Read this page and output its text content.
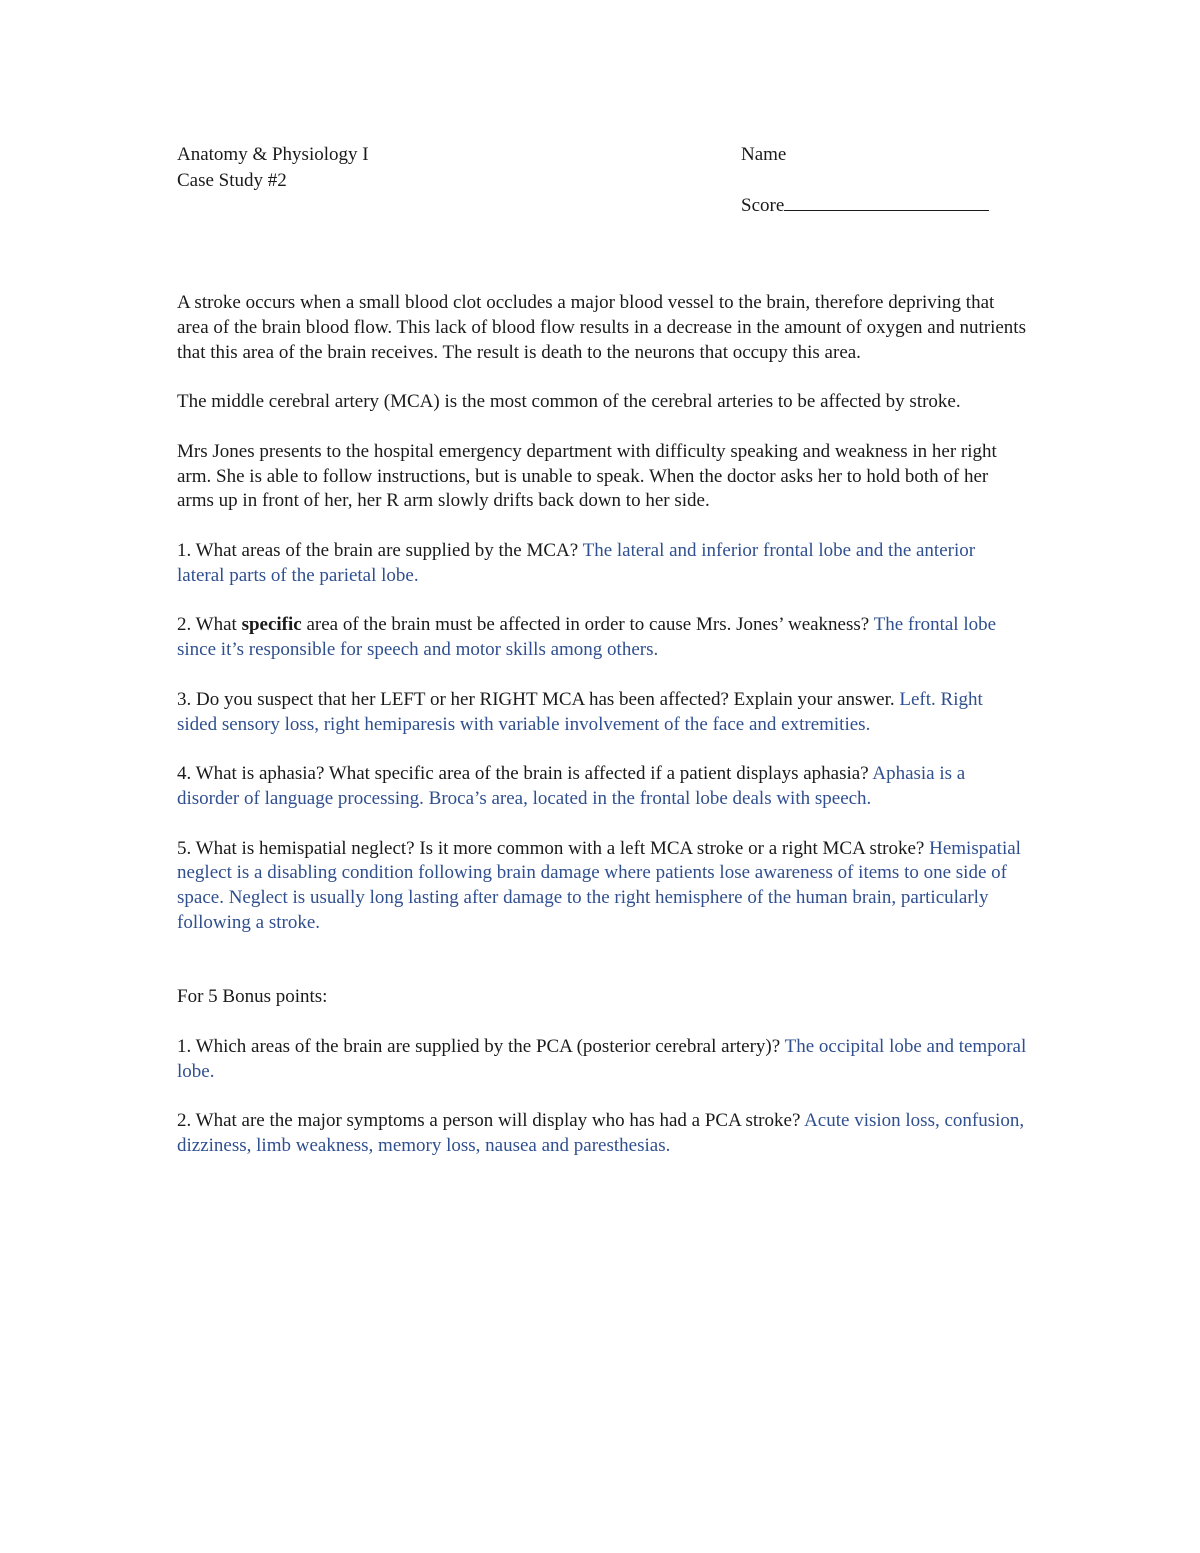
Anatomy & Physiology I
Case Study #2
Name
Score

A stroke occurs when a small blood clot occludes a major blood vessel to the brain, therefore depriving that area of the brain blood flow. This lack of blood flow results in a decrease in the amount of oxygen and nutrients that this area of the brain receives. The result is death to the neurons that occupy this area.

The middle cerebral artery (MCA) is the most common of the cerebral arteries to be affected by stroke.

Mrs Jones presents to the hospital emergency department with difficulty speaking and weakness in her right arm. She is able to follow instructions, but is unable to speak. When the doctor asks her to hold both of her arms up in front of her, her R arm slowly drifts back down to her side.

1. What areas of the brain are supplied by the MCA? The lateral and inferior frontal lobe and the anterior lateral parts of the parietal lobe.

2. What specific area of the brain must be affected in order to cause Mrs. Jones’ weakness? The frontal lobe since it’s responsible for speech and motor skills among others.

3. Do you suspect that her LEFT or her RIGHT MCA has been affected? Explain your answer. Left. Right sided sensory loss, right hemiparesis with variable involvement of the face and extremities.

4. What is aphasia? What specific area of the brain is affected if a patient displays aphasia? Aphasia is a disorder of language processing. Broca’s area, located in the frontal lobe deals with speech.

5. What is hemispatial neglect? Is it more common with a left MCA stroke or a right MCA stroke? Hemispatial neglect is a disabling condition following brain damage where patients lose awareness of items to one side of space. Neglect is usually long lasting after damage to the right hemisphere of the human brain, particularly following a stroke.

For 5 Bonus points:

1. Which areas of the brain are supplied by the PCA (posterior cerebral artery)? The occipital lobe and temporal lobe.

2. What are the major symptoms a person will display who has had a PCA stroke? Acute vision loss, confusion, dizziness, limb weakness, memory loss, nausea and paresthesias.
